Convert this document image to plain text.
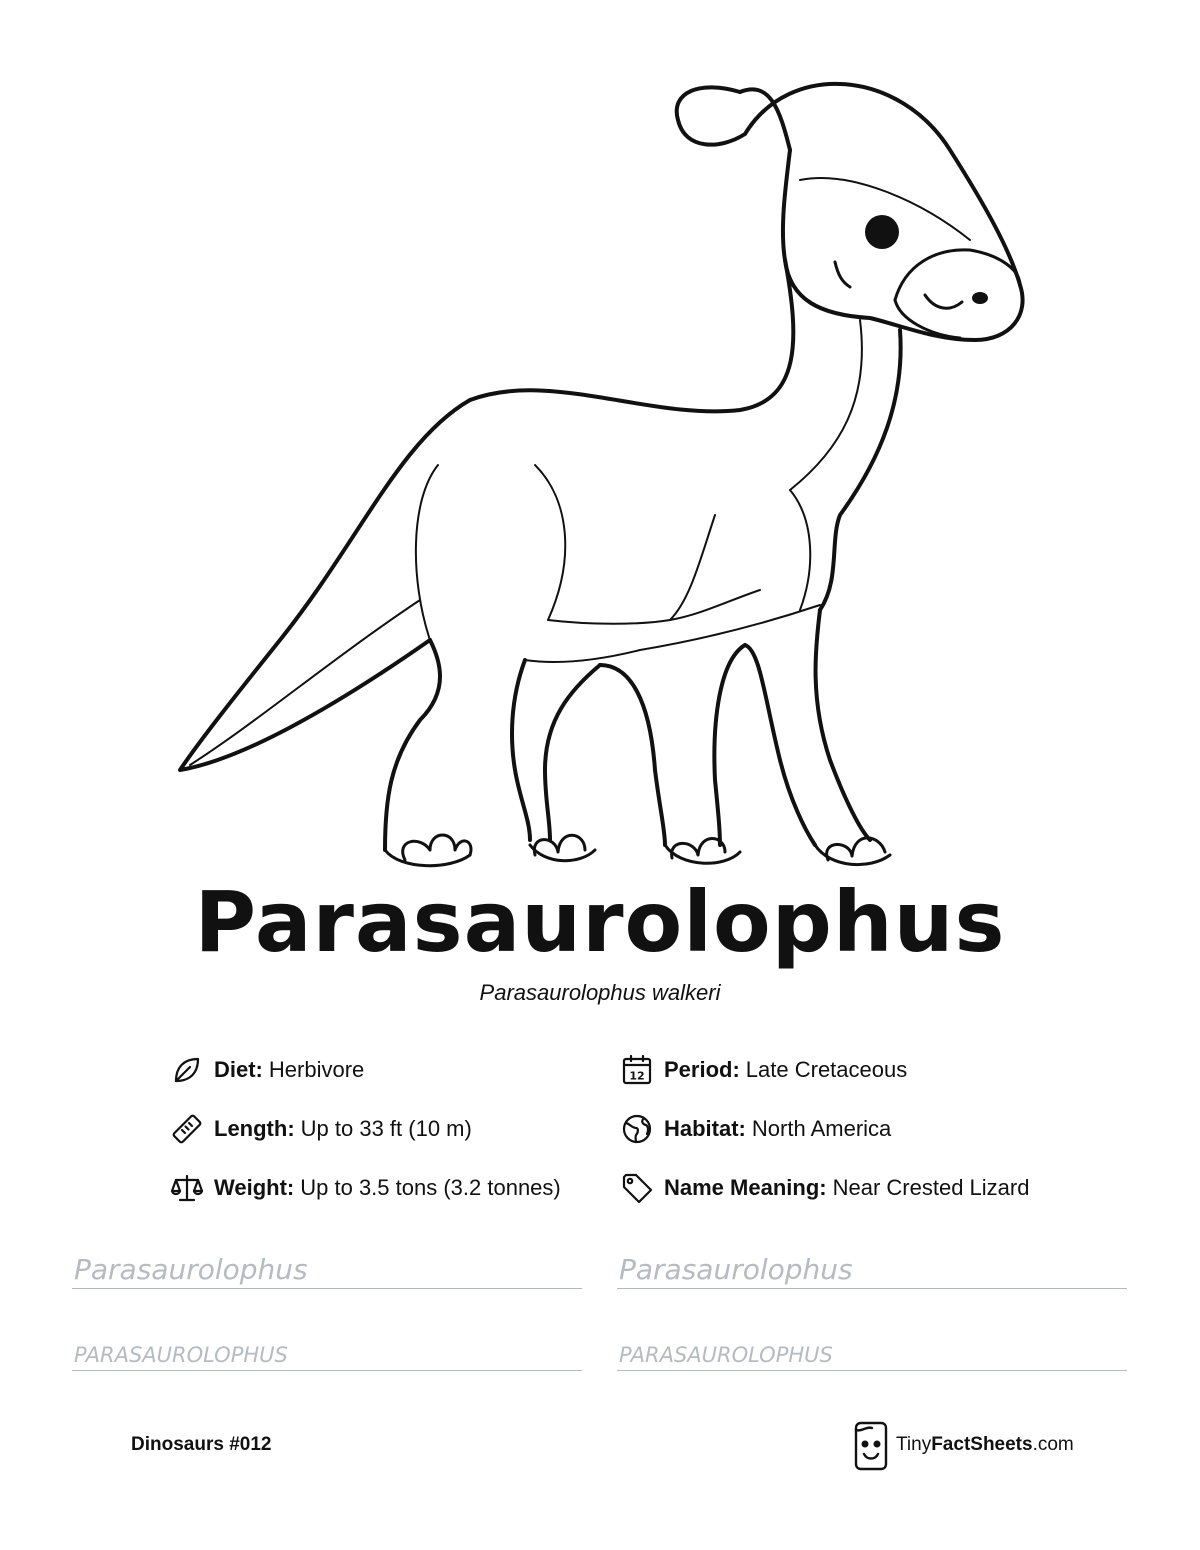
Parasaurolophus
Parasaurolophus walkeri
Diet: Herbivore
Length: Up to 33 ft (10 m)
Weight: Up to 3.5 tons (3.2 tonnes)
12 Period: Late Cretaceous
Habitat: North America
Name Meaning: Near Crested Lizard
Parasaurolophus	Parasaurolophus
PARASAUROLOPHUS	PARASAUROLOPHUS
Dinosaurs #012	Tiny FactSheets .com
